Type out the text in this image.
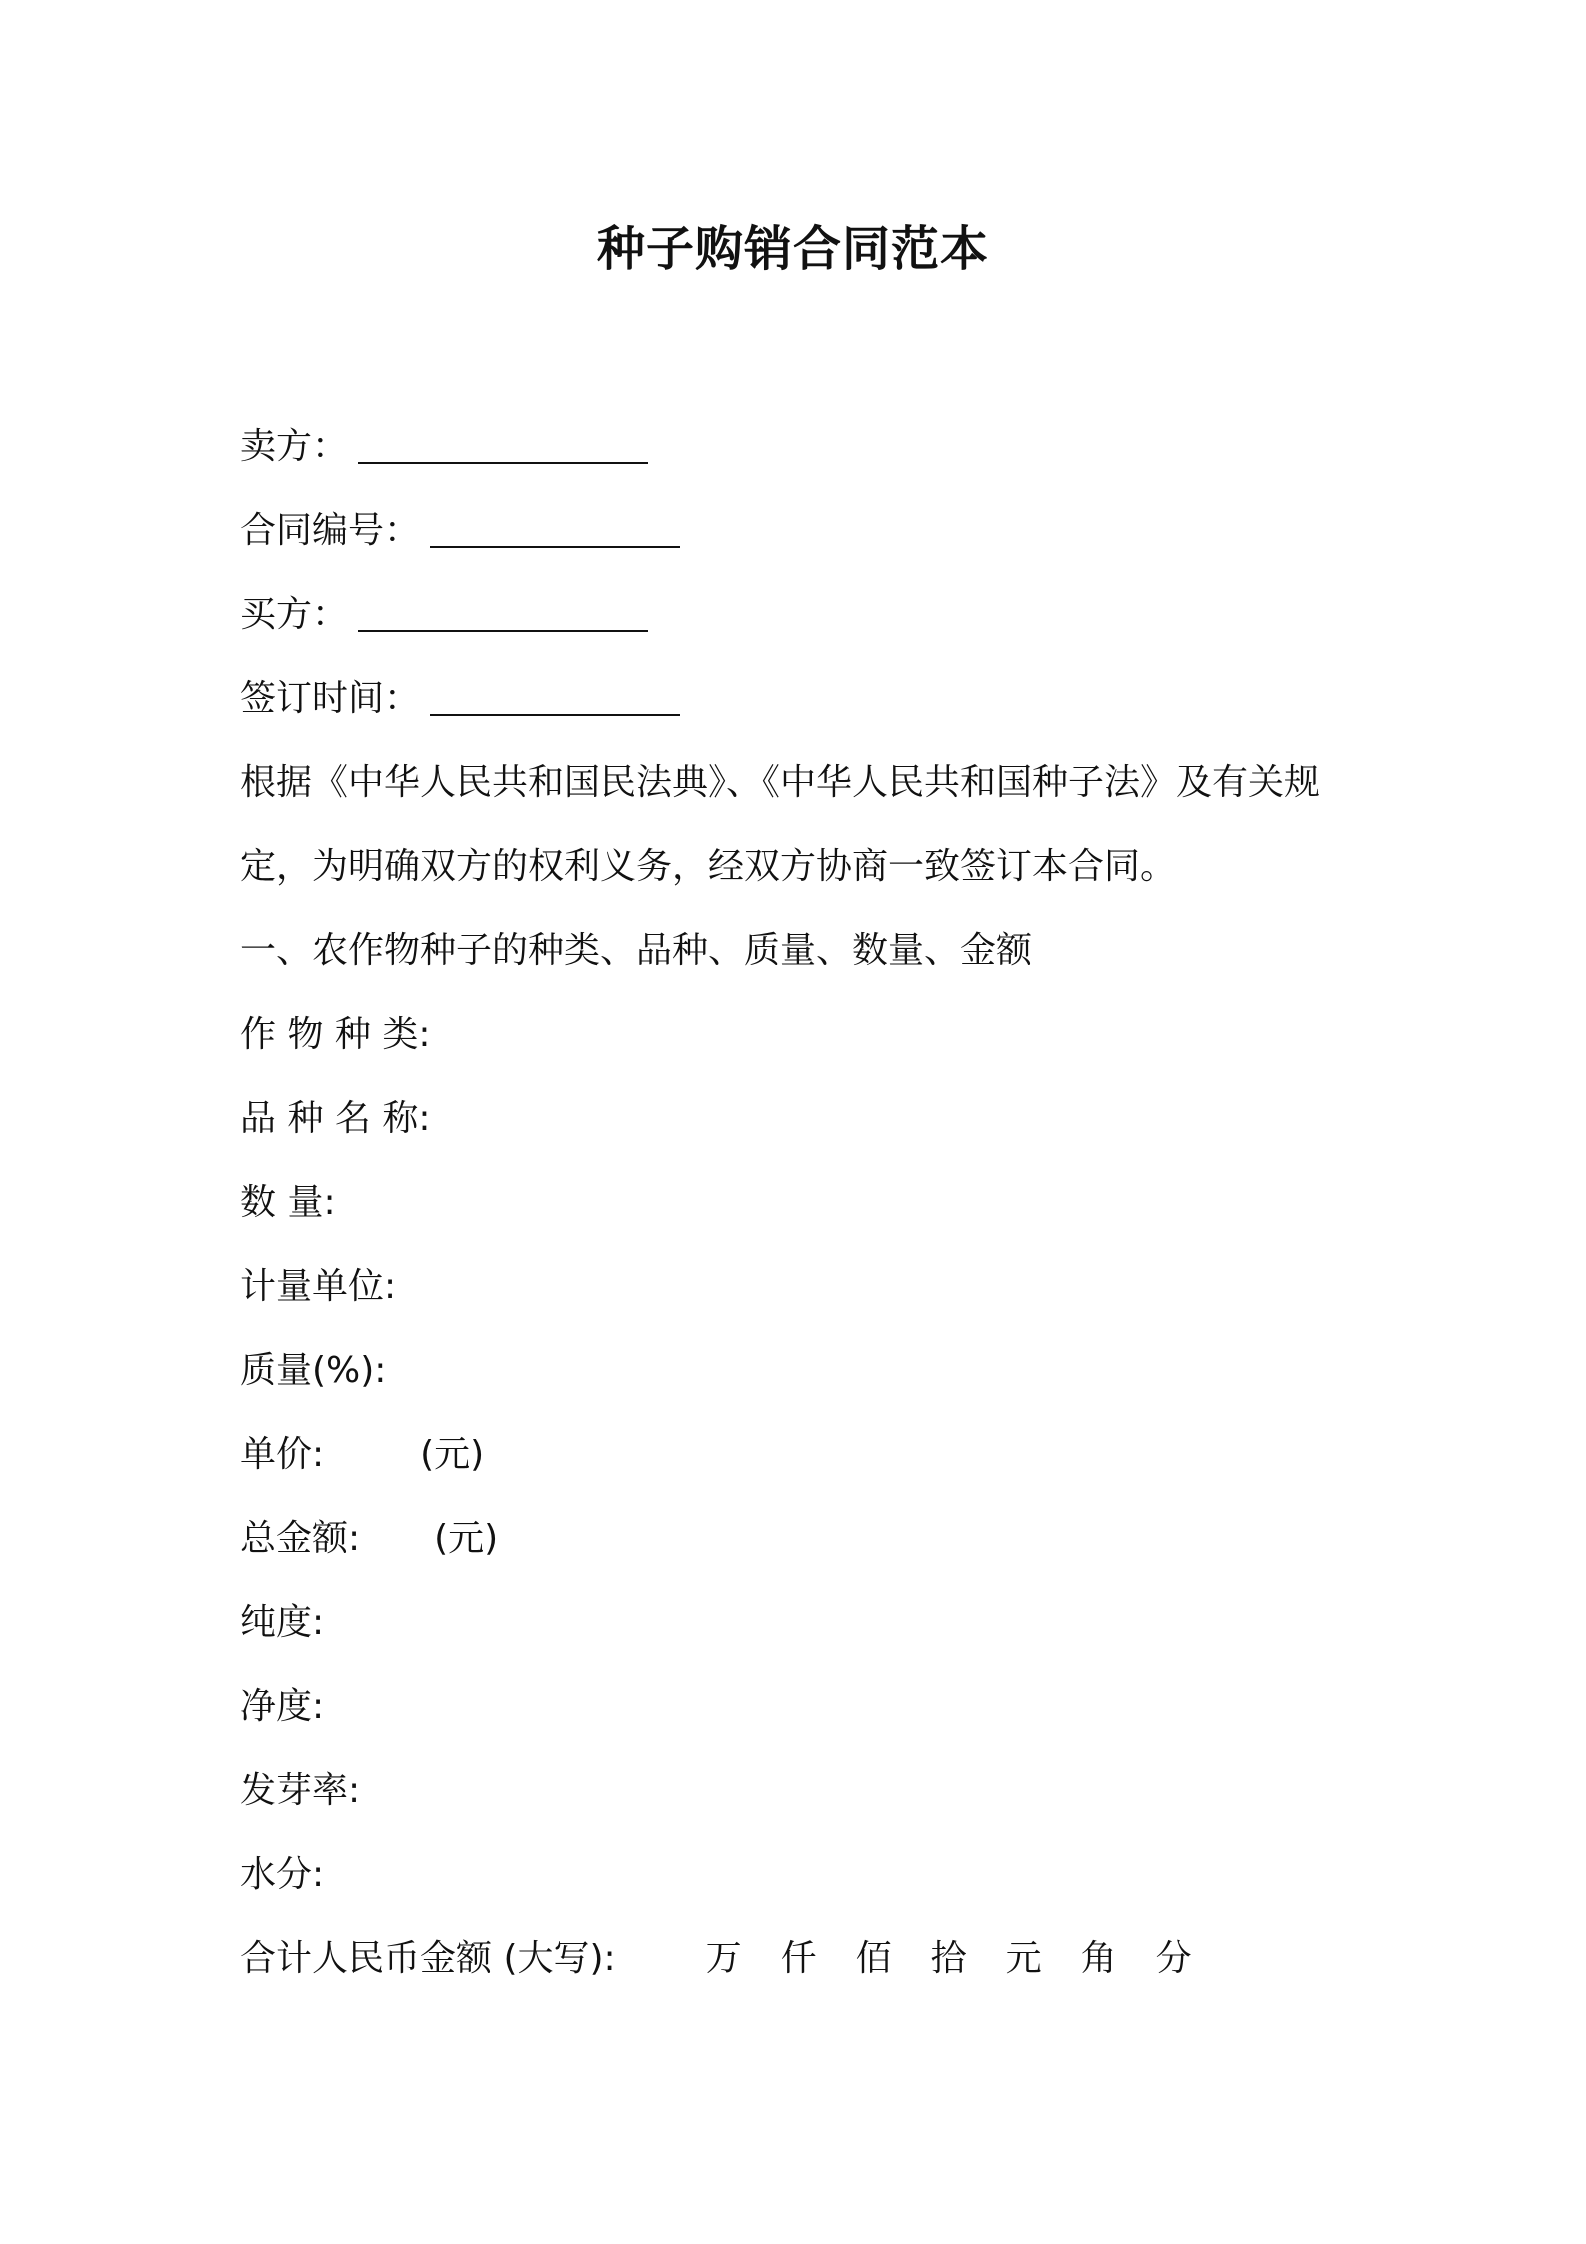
种子购销合同范本
卖方：
合同编号：
买方：
签订时间：
根据《中华人民共和国民法典》、《中华人民共和国种子法》及有关规
定，为明确双方的权利义务，经双方协商一致签订本合同。
一、农作物种子的种类、品种、质量、数量、金额
作 物 种 类:
品 种 名 称:
数 量:
计量单位:
质量(%):
单价:	(元)
总金额: (元)
纯度:
净度:
发芽率:
水分:
合计人民币金额 (大写):	万 仟 佰 拾 元 角 分
